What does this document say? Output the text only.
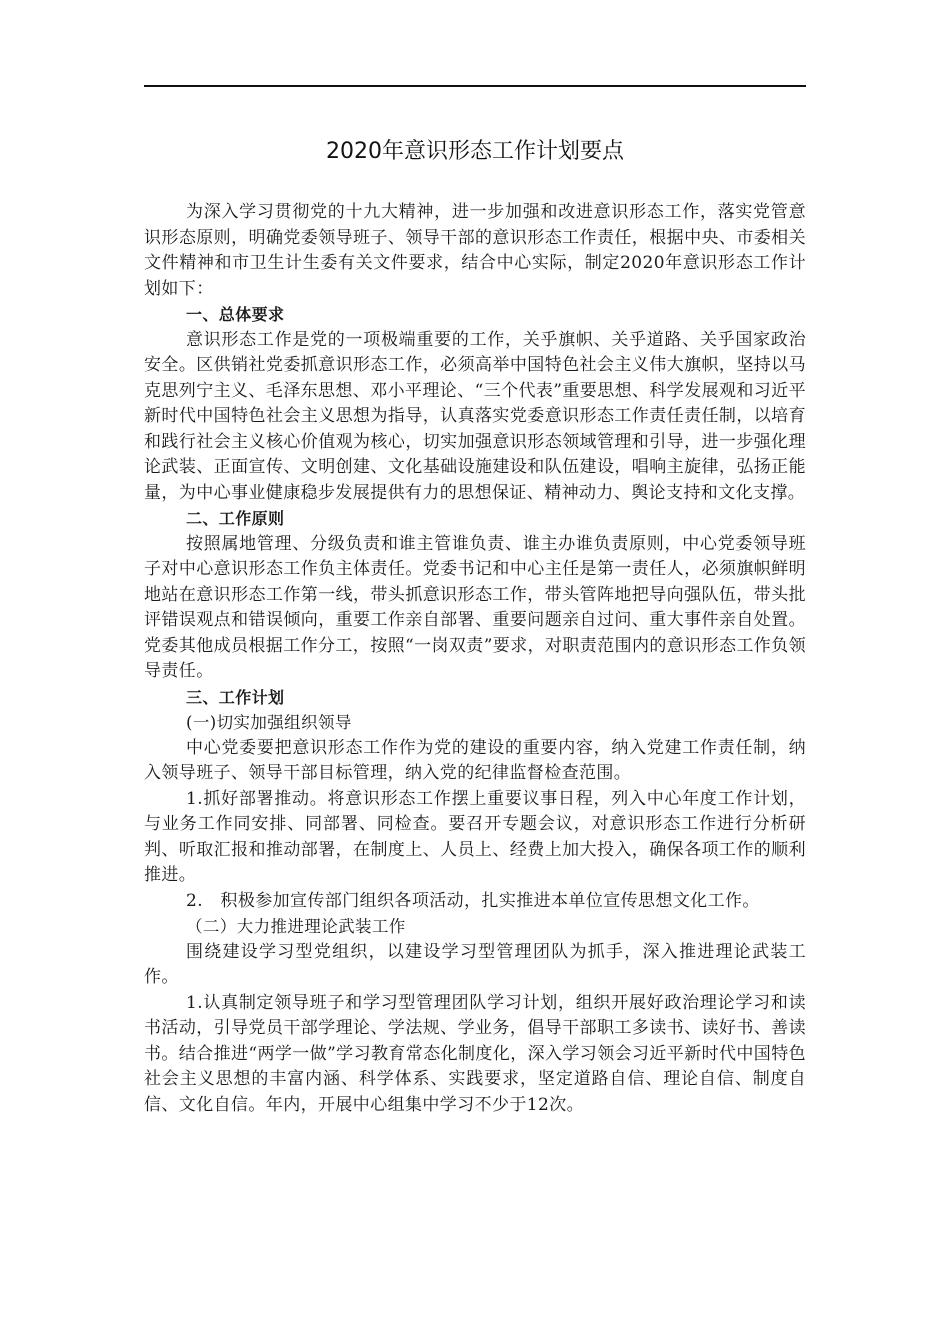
2020年意识形态工作计划要点

为深入学习贯彻党的十九大精神，进一步加强和改进意识形态工作，落实党管意识形态原则，明确党委领导班子、领导干部的意识形态工作责任，根据中央、市委相关文件精神和市卫生计生委有关文件要求，结合中心实际，制定2020年意识形态工作计划如下：

一、总体要求

意识形态工作是党的一项极端重要的工作，关乎旗帜、关乎道路、关乎国家政治安全。区供销社党委抓意识形态工作，必须高举中国特色社会主义伟大旗帜，坚持以马克思列宁主义、毛泽东思想、邓小平理论、“三个代表”重要思想、科学发展观和习近平新时代中国特色社会主义思想为指导，认真落实党委意识形态工作责任责任制，以培育和践行社会主义核心价值观为核心，切实加强意识形态领域管理和引导，进一步强化理论武装、正面宣传、文明创建、文化基础设施建设和队伍建设，唱响主旋律，弘扬正能量，为中心事业健康稳步发展提供有力的思想保证、精神动力、舆论支持和文化支撑。

二、工作原则

按照属地管理、分级负责和谁主管谁负责、谁主办谁负责原则，中心党委领导班子对中心意识形态工作负主体责任。党委书记和中心主任是第一责任人，必须旗帜鲜明地站在意识形态工作第一线，带头抓意识形态工作，带头管阵地把导向强队伍，带头批评错误观点和错误倾向，重要工作亲自部署、重要问题亲自过问、重大事件亲自处置。党委其他成员根据工作分工，按照“一岗双责”要求，对职责范围内的意识形态工作负领导责任。

三、工作计划

(一)切实加强组织领导

中心党委要把意识形态工作作为党的建设的重要内容，纳入党建工作责任制，纳入领导班子、领导干部目标管理，纳入党的纪律监督检查范围。

1.抓好部署推动。将意识形态工作摆上重要议事日程，列入中心年度工作计划，与业务工作同安排、同部署、同检查。要召开专题会议，对意识形态工作进行分析研判、听取汇报和推动部署，在制度上、人员上、经费上加大投入，确保各项工作的顺利推进。

2.　积极参加宣传部门组织各项活动，扎实推进本单位宣传思想文化工作。

（二）大力推进理论武装工作

围绕建设学习型党组织，以建设学习型管理团队为抓手，深入推进理论武装工作。

1.认真制定领导班子和学习型管理团队学习计划，组织开展好政治理论学习和读书活动，引导党员干部学理论、学法规、学业务，倡导干部职工多读书、读好书、善读书。结合推进“两学一做”学习教育常态化制度化，深入学习领会习近平新时代中国特色社会主义思想的丰富内涵、科学体系、实践要求，坚定道路自信、理论自信、制度自信、文化自信。年内，开展中心组集中学习不少于12次。
